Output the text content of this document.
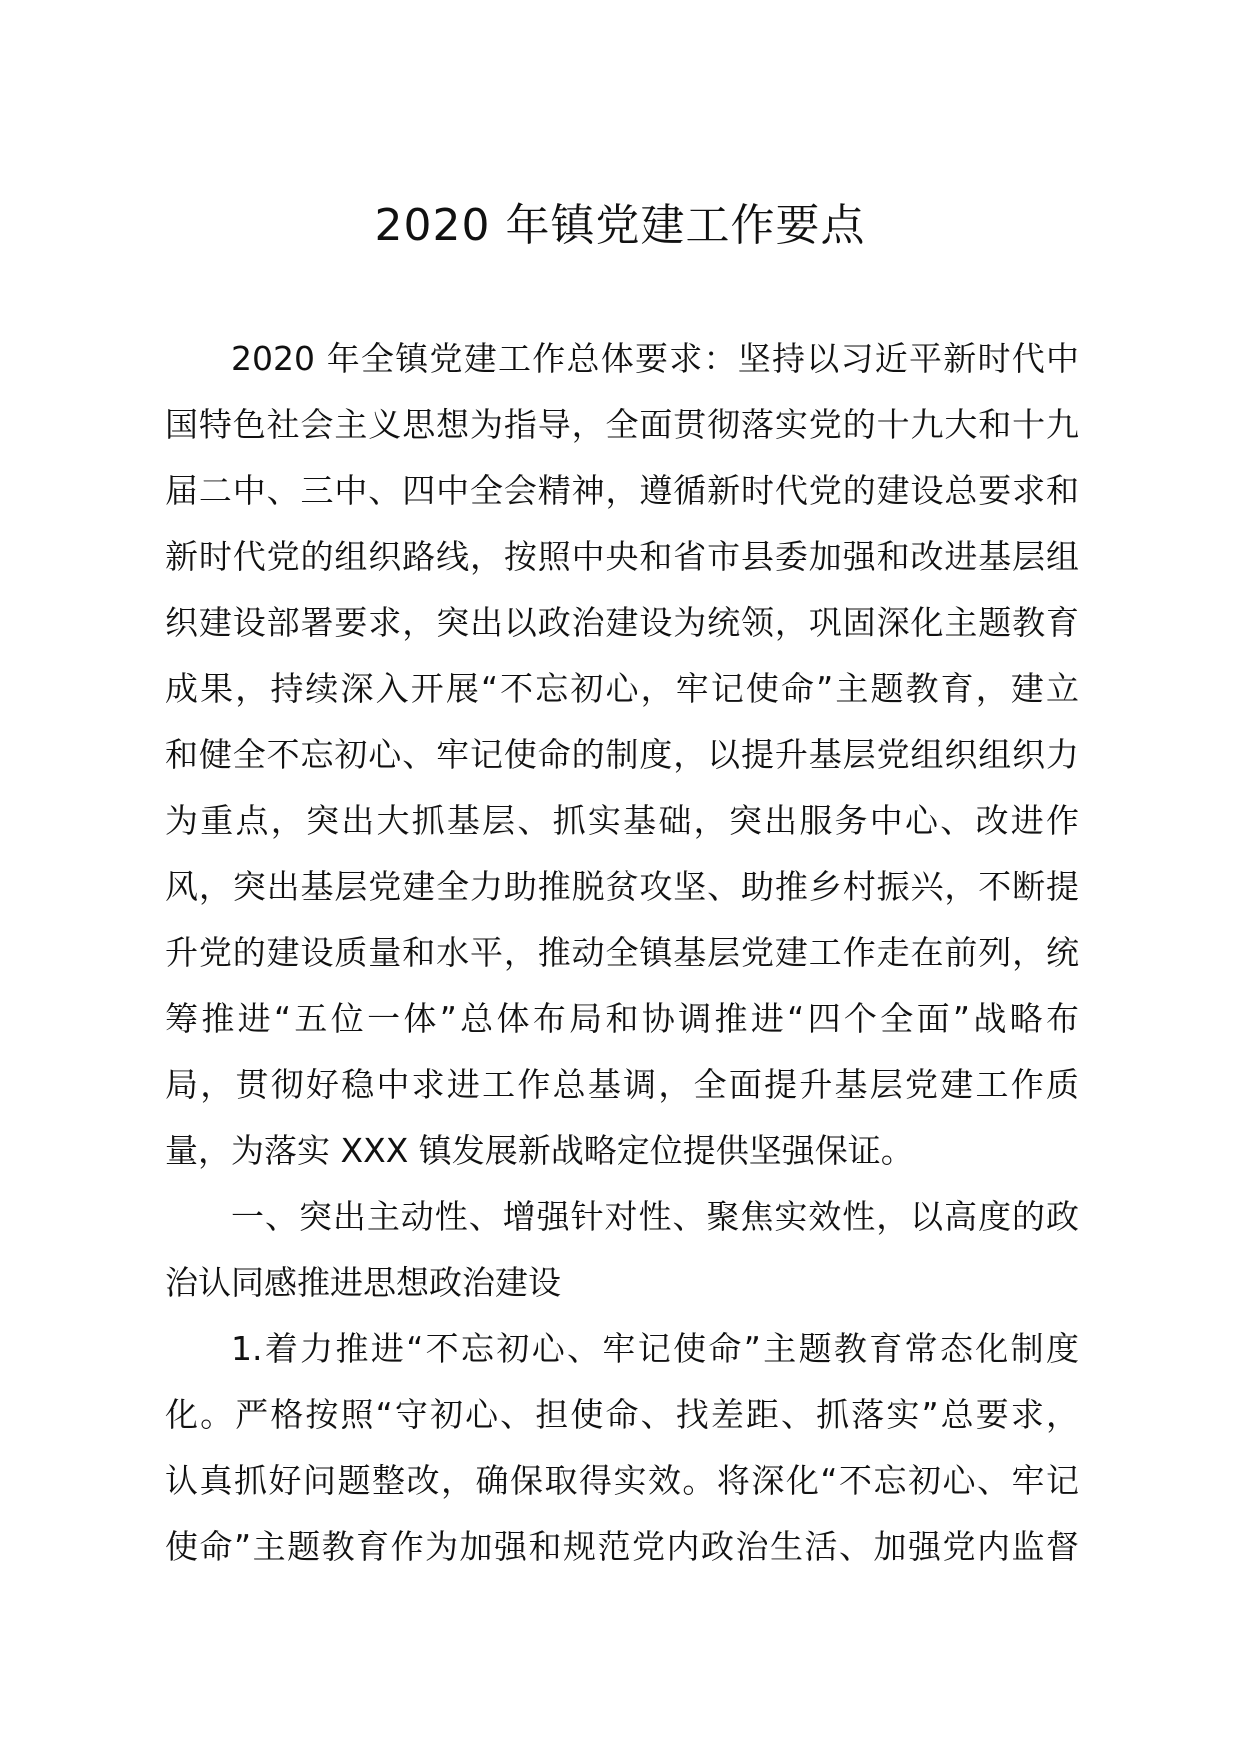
2020 年镇党建工作要点
2020 年全镇党建工作总体要求：坚持以习近平新时代中
国特色社会主义思想为指导，全面贯彻落实党的十九大和十九
届二中、三中、四中全会精神，遵循新时代党的建设总要求和
新时代党的组织路线，按照中央和省市县委加强和改进基层组
织建设部署要求，突出以政治建设为统领，巩固深化主题教育
成果，持续深入开展“不忘初心，牢记使命”主题教育，建立
和健全不忘初心、牢记使命的制度，以提升基层党组织组织力
为重点，突出大抓基层、抓实基础，突出服务中心、改进作
风，突出基层党建全力助推脱贫攻坚、助推乡村振兴，不断提
升党的建设质量和水平，推动全镇基层党建工作走在前列，统
筹推进“五位一体”总体布局和协调推进“四个全面”战略布
局，贯彻好稳中求进工作总基调，全面提升基层党建工作质
量，为落实 XXX 镇发展新战略定位提供坚强保证。
一、突出主动性、增强针对性、聚焦实效性，以高度的政
治认同感推进思想政治建设
1.着力推进“不忘初心、牢记使命”主题教育常态化制度
化。严格按照“守初心、担使命、找差距、抓落实”总要求，
认真抓好问题整改，确保取得实效。将深化“不忘初心、牢记
使命”主题教育作为加强和规范党内政治生活、加强党内监督
